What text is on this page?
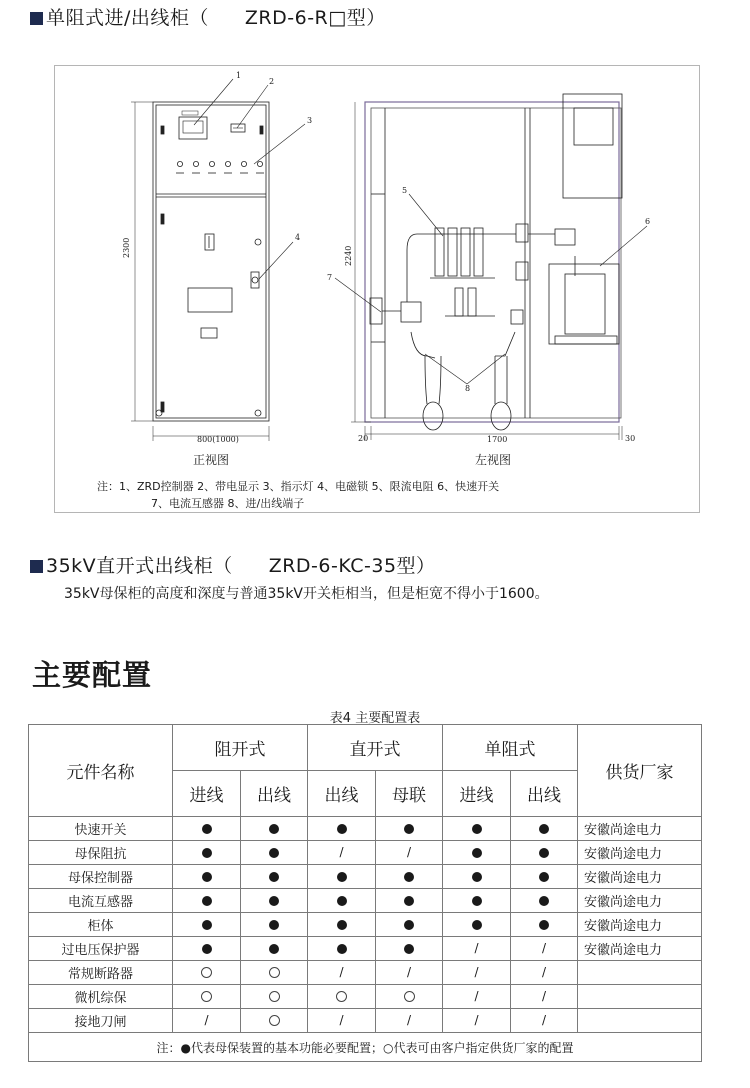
单阻式进/出线柜（ ZRD-6-R□型）
1
2
3
4
2300
800(1000)
正视图
5
6
7
8
2240
20	1700	30
左视图
注：1、ZRD控制器 2、带电显示 3、指示灯 4、电磁锁 5、限流电阻 6、快速开关
7、电流互感器 8、进/出线端子
35kV直开式出线柜（ ZRD-6-KC-35型）
35kV母保柜的高度和深度与普通35kV开关柜相当，但是柜宽不得小于1600。
主要配置
表4 主要配置表
元件名称	阻开式		直开式		单阻式		供货厂家
	进线	出线	出线	母联	进线	出线	
快速开关							安徽尚途电力
母保阻抗			/	/			安徽尚途电力
母保控制器							安徽尚途电力
电流互感器							安徽尚途电力
柜体							安徽尚途电力
过电压保护器					/	/	安徽尚途电力
常规断路器			/	/	/	/	
微机综保					/	/	
接地刀闸	/		/	/	/	/	
注：●代表母保装置的基本功能必要配置；○代表可由客户指定供货厂家的配置							
